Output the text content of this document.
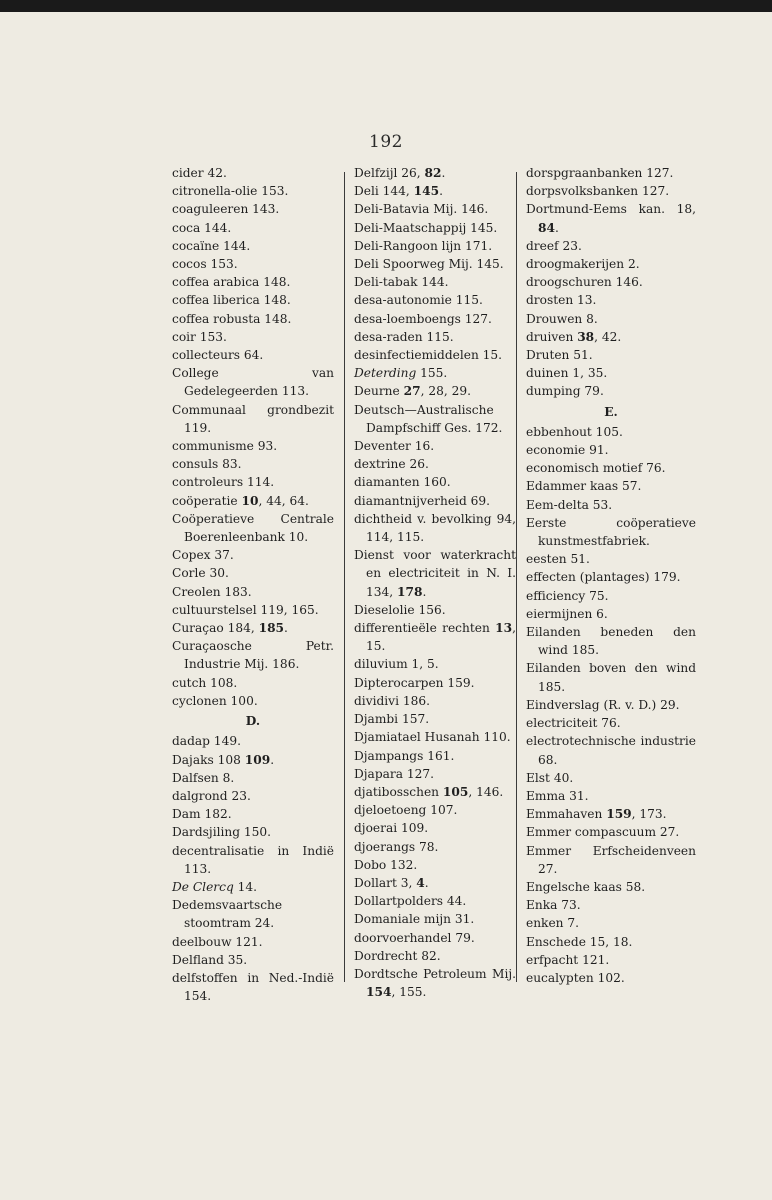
192
cider 42.
citronella-olie 153.
coaguleeren 143.
coca 144.
cocaïne 144.
cocos 153.
coffea arabica 148.
coffea liberica 148.
coffea robusta 148.
coir 153.
collecteurs 64.
College van Gedelegeerden 113.
Communaal grondbezit 119.
communisme 93.
consuls 83.
controleurs 114.
coöperatie 10, 44, 64.
Coöperatieve Centrale Boerenleenbank 10.
Copex 37.
Corle 30.
Creolen 183.
cultuurstelsel 119, 165.
Curaçao 184, 185.
Curaçaosche Petr. Industrie Mij. 186.
cutch 108.
cyclonen 100.
D.
dadap 149.
Dajaks 108 109.
Dalfsen 8.
dalgrond 23.
Dam 182.
Dardsjiling 150.
decentralisatie in Indië 113.
De Clercq 14.
Dedemsvaartsche stoomtram 24.
deelbouw 121.
Delfland 35.
delfstoffen in Ned.-Indië 154.
Delfzijl 26, 82.
Deli 144, 145.
Deli-Batavia Mij. 146.
Deli-Maatschappij 145.
Deli-Rangoon lijn 171.
Deli Spoorweg Mij. 145.
Deli-tabak 144.
desa-autonomie 115.
desa-loemboengs 127.
desa-raden 115.
desinfectiemiddelen 15.
Deterding 155.
Deurne 27, 28, 29.
Deutsch—Australische Dampfschiff Ges. 172.
Deventer 16.
dextrine 26.
diamanten 160.
diamantnijverheid 69.
dichtheid v. bevolking 94, 114, 115.
Dienst voor waterkracht en electriciteit in N. I. 134, 178.
Dieselolie 156.
differentieële rechten 13, 15.
diluvium 1, 5.
Dipterocarpen 159.
dividivi 186.
Djambi 157.
Djamiatael Husanah 110.
Djampangs 161.
Djapara 127.
djatibosschen 105, 146.
djeloetoeng 107.
djoerai 109.
djoerangs 78.
Dobo 132.
Dollart 3, 4.
Dollartpolders 44.
Domaniale mijn 31.
doorvoerhandel 79.
Dordrecht 82.
Dordtsche Petroleum Mij. 154, 155.
dorspgraanbanken 127.
dorpsvolksbanken 127.
Dortmund-Eems kan. 18, 84.
dreef 23.
droogmakerijen 2.
droogschuren 146.
drosten 13.
Drouwen 8.
druiven 38, 42.
Druten 51.
duinen 1, 35.
dumping 79.
E.
ebbenhout 105.
economie 91.
economisch motief 76.
Edammer kaas 57.
Eem-delta 53.
Eerste coöperatieve kunstmestfabriek.
eesten 51.
effecten (plantages) 179.
efficiency 75.
eiermijnen 6.
Eilanden beneden den wind 185.
Eilanden boven den wind 185.
Eindverslag (R. v. D.) 29.
electriciteit 76.
electrotechnische industrie 68.
Elst 40.
Emma 31.
Emmahaven 159, 173.
Emmer compascuum 27.
Emmer Erfscheidenveen 27.
Engelsche kaas 58.
Enka 73.
enken 7.
Enschede 15, 18.
erfpacht 121.
eucalypten 102.
